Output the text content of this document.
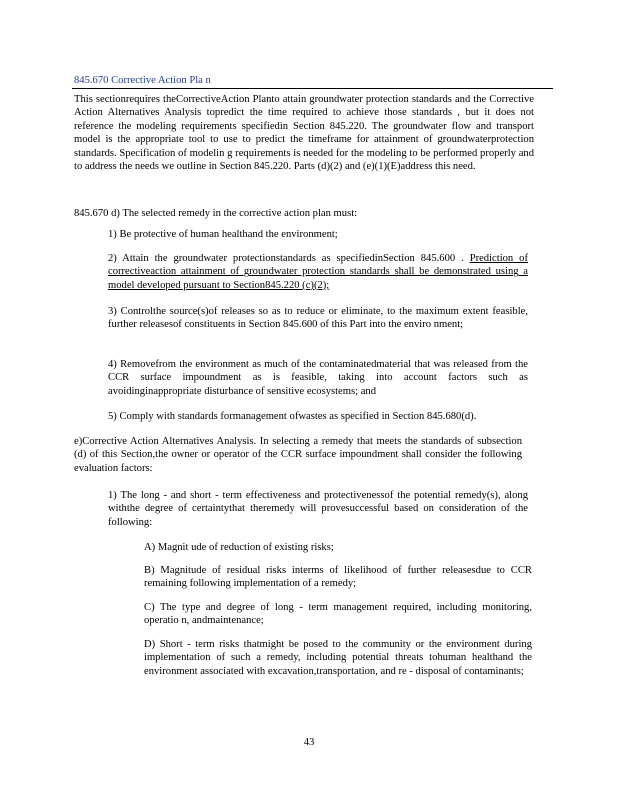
845.670 Corrective Action Pla n
This sectionrequires theCorrectiveAction Planto attain groundwater protection standards and the Corrective Action Alternatives Analysis topredict the time required to achieve those standards , but it does not reference the modeling requirements specifiedin Section 845.220. The groundwater flow and transport model is the appropriate tool to use to predict the timeframe for attainment of groundwaterprotection standards. Specification of modelin g requirements is needed for the modeling to be performed properly and to address the needs we outline in Section 845.220. Parts (d)(2) and (e)(1)(E)address this need.
845.670 d) The selected remedy in the corrective action plan must:
1) Be protective of human healthand the environment;
2) Attain the groundwater protectionstandards as specifiedinSection 845.600 . Prediction of correctiveaction attainment of groundwater protection standards shall be demonstrated using a model developed pursuant to Section845.220 (c)(2);
3) Controlthe source(s)of releases so as to reduce or eliminate, to the maximum extent feasible, further releasesof constituents in Section 845.600 of this Part into the enviro nment;
4) Removefrom the environment as much of the contaminatedmaterial that was released from the CCR surface impoundment as is feasible, taking into account factors such as avoidinginappropriate disturbance of sensitive ecosystems; and
5) Comply with standards formanagement ofwastes as specified in Section 845.680(d).
e)Corrective Action Alternatives Analysis. In selecting a remedy that meets the standards of subsection (d) of this Section,the owner or operator of the CCR surface impoundment shall consider the following evaluation factors:
1) The long - and short - term effectiveness and protectivenessof the potential remedy(s), along withthe degree of certaintythat theremedy will provesuccessful based on consideration of the following:
A) Magnit ude of reduction of existing risks;
B) Magnitude of residual risks interms of likelihood of further releasesdue to CCR remaining following implementation of a remedy;
C) The type and degree of long - term management required, including monitoring, operatio n, andmaintenance;
D) Short - term risks thatmight be posed to the community or the environment during implementation of such a remedy, including potential threats tohuman healthand the environment associated with excavation,transportation, and re - disposal of contaminants;
43
